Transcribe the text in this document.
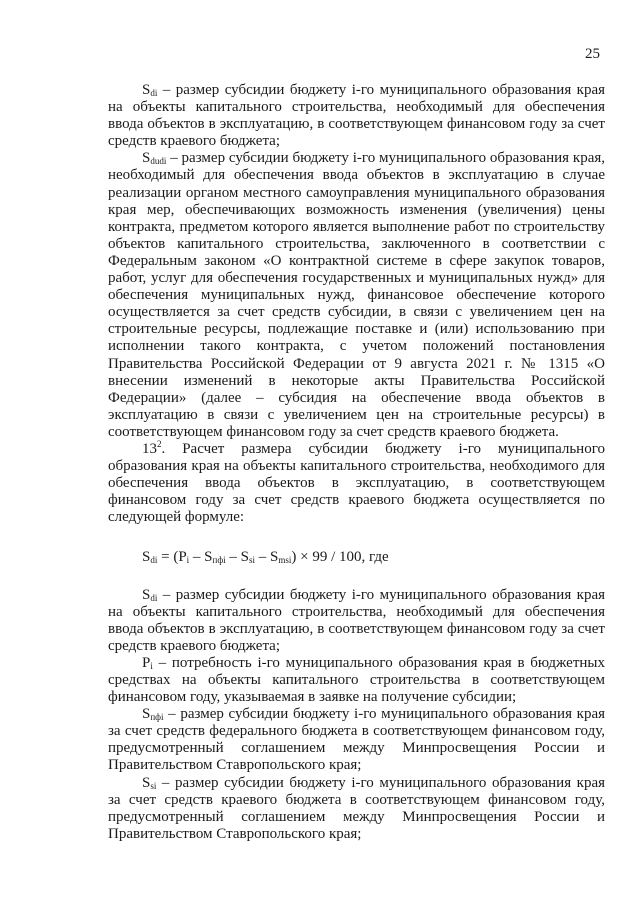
25

$S_{di}$ – размер субсидии бюджету i-го муниципального образования края на объекты капитального строительства, необходимый для обеспечения ввода объектов в эксплуатацию, в соответствующем финансовом году за счет средств краевого бюджета;

$S_{dudi}$ – размер субсидии бюджету i-го муниципального образования края, необходимый для обеспечения ввода объектов в эксплуатацию в случае реализации органом местного самоуправления муниципального образования края мер, обеспечивающих возможность изменения (увеличения) цены контракта, предметом которого является выполнение работ по строительству объектов капитального строительства, заключенного в соответствии с Федеральным законом «О контрактной системе в сфере закупок товаров, работ, услуг для обеспечения государственных и муниципальных нужд» для обеспечения муниципальных нужд, финансовое обеспечение которого осуществляется за счет средств субсидии, в связи с увеличением цен на строительные ресурсы, подлежащие поставке и (или) использованию при исполнении такого контракта, с учетом положений постановления Правительства Российской Федерации от 9 августа 2021 г. № 1315 «О внесении изменений в некоторые акты Правительства Российской Федерации» (далее – субсидия на обеспечение ввода объектов в эксплуатацию в связи с увеличением цен на строительные ресурсы) в соответствующем финансовом году за счет средств краевого бюджета.

$13^2$. Расчет размера субсидии бюджету i-го муниципального образования края на объекты капитального строительства, необходимого для обеспечения ввода объектов в эксплуатацию, в соответствующем финансовом году за счет средств краевого бюджета осуществляется по следующей формуле:

$S_{di} = (P_i - S_{пфi} - S_{si} - S_{msi}) \times 99 / 100$, где

$S_{di}$ – размер субсидии бюджету i-го муниципального образования края на объекты капитального строительства, необходимый для обеспечения ввода объектов в эксплуатацию, в соответствующем финансовом году за счет средств краевого бюджета;

$P_i$ – потребность i-го муниципального образования края в бюджетных средствах на объекты капитального строительства в соответствующем финансовом году, указываемая в заявке на получение субсидии;

$S_{пфi}$ – размер субсидии бюджету i-го муниципального образования края за счет средств федерального бюджета в соответствующем финансовом году, предусмотренный соглашением между Минпросвещения России и Правительством Ставропольского края;

$S_{si}$ – размер субсидии бюджету i-го муниципального образования края за счет средств краевого бюджета в соответствующем финансовом году, предусмотренный соглашением между Минпросвещения России и Правительством Ставропольского края;
